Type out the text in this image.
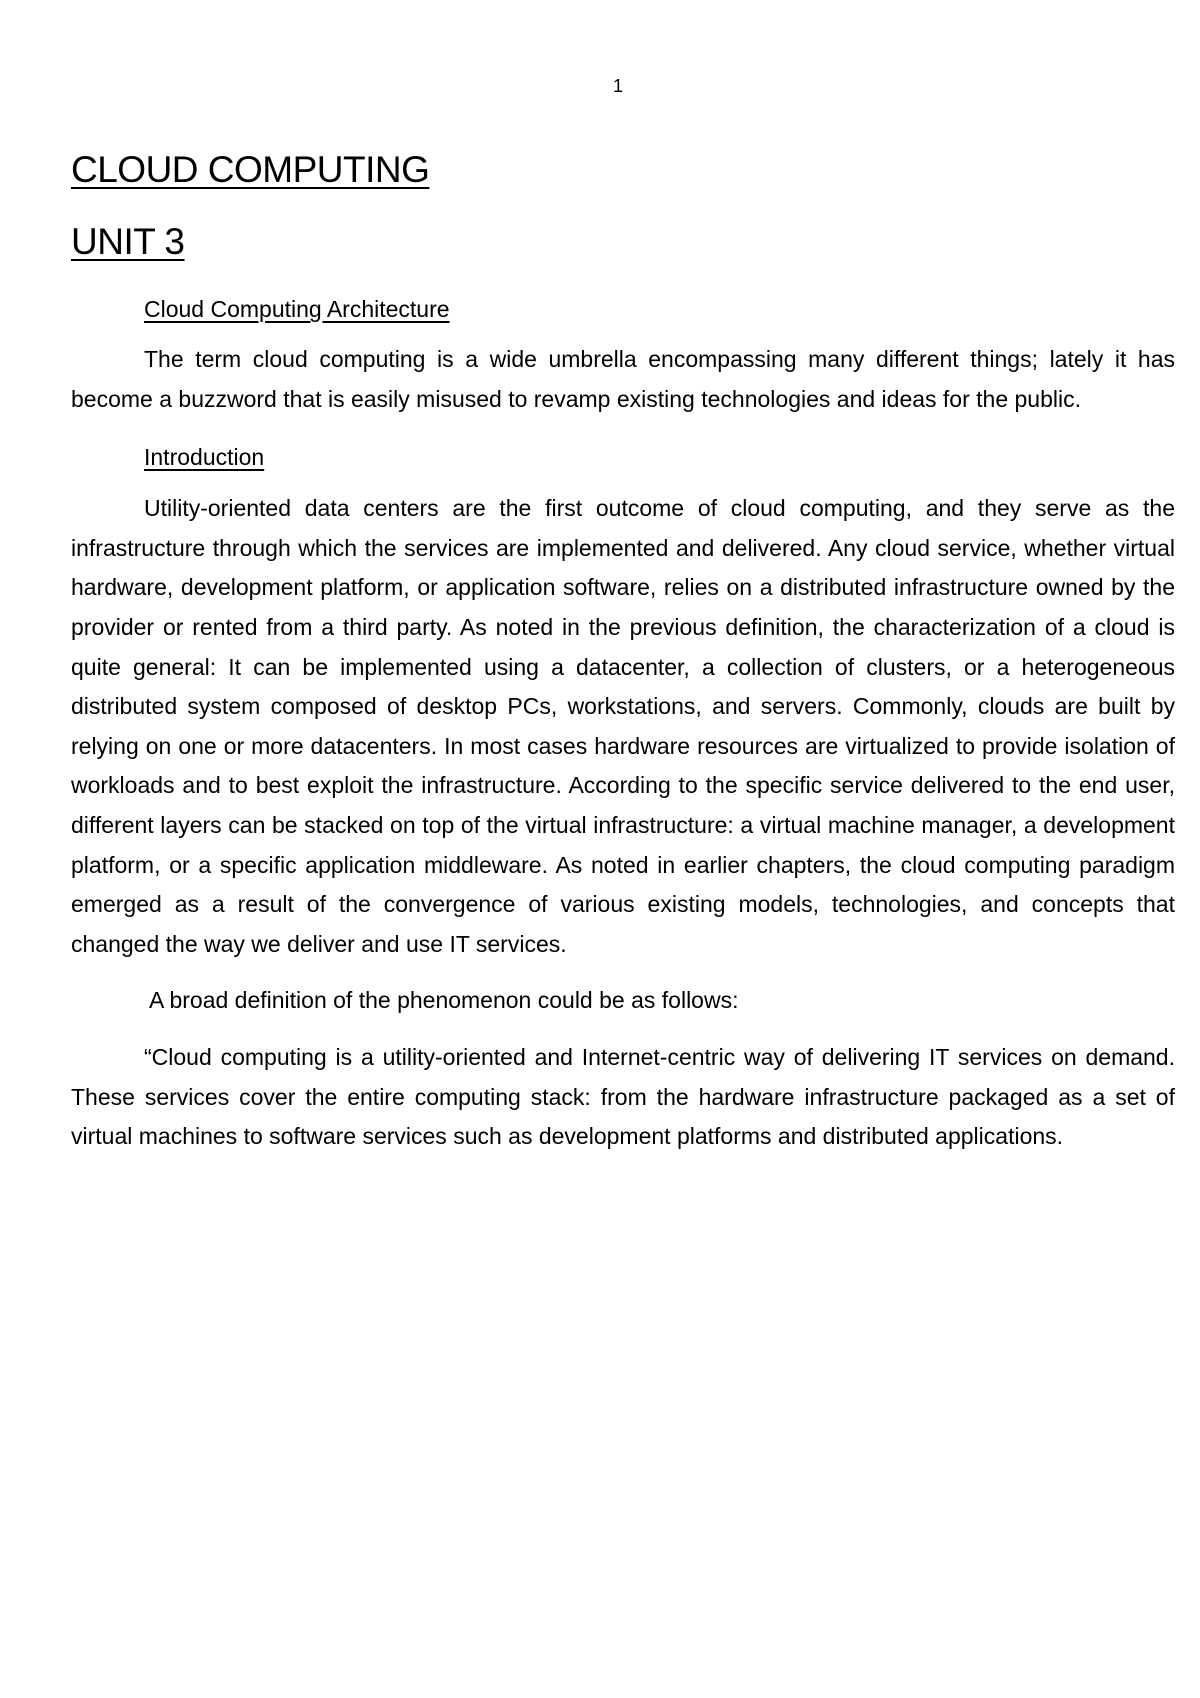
1
CLOUD COMPUTING
UNIT 3
Cloud Computing Architecture

The term cloud computing is a wide umbrella encompassing many different things; lately it has become a buzzword that is easily misused to revamp existing technologies and ideas for the public.

Introduction

Utility-oriented data centers are the first outcome of cloud computing, and they serve as the infrastructure through which the services are implemented and delivered. Any cloud service, whether virtual hardware, development platform, or application software, relies on a distributed infrastructure owned by the provider or rented from a third party. As noted in the previous definition, the characterization of a cloud is quite general: It can be implemented using a datacenter, a collection of clusters, or a heterogeneous distributed system composed of desktop PCs, workstations, and servers. Commonly, clouds are built by relying on one or more datacenters. In most cases hardware resources are virtualized to provide isolation of workloads and to best exploit the infrastructure. According to the specific service delivered to the end user, different layers can be stacked on top of the virtual infrastructure: a virtual machine manager, a development platform, or a specific application middleware. As noted in earlier chapters, the cloud computing paradigm emerged as a result of the convergence of various existing models, technologies, and concepts that changed the way we deliver and use IT services.

A broad definition of the phenomenon could be as follows:

“Cloud computing is a utility-oriented and Internet-centric way of delivering IT services on demand. These services cover the entire computing stack: from the hardware infrastructure packaged as a set of virtual machines to software services such as development platforms and distributed applications.
